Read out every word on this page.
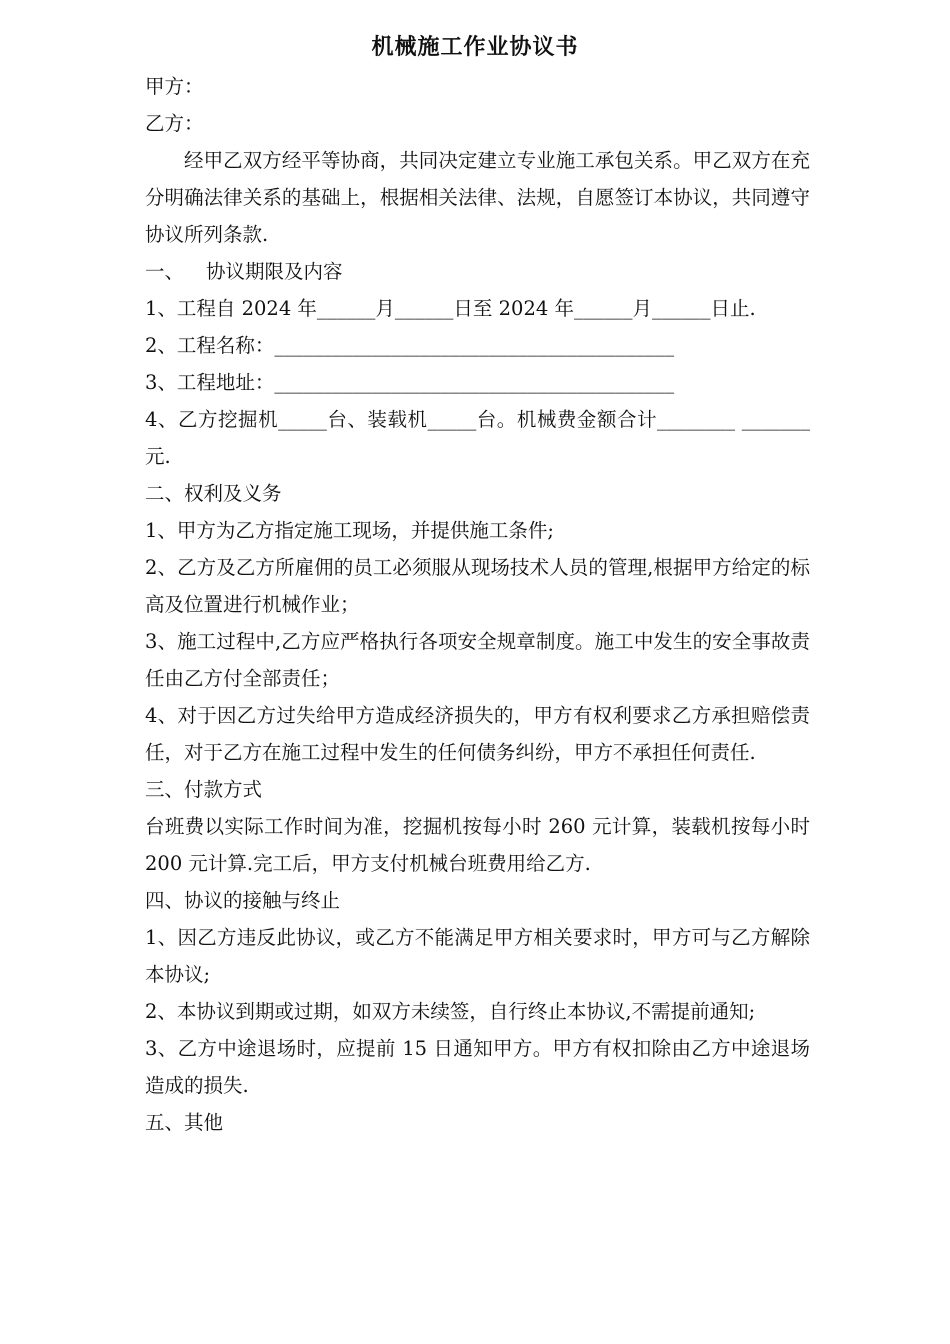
机械施工作业协议书

甲方：

乙方：

经甲乙双方经平等协商，共同决定建立专业施工承包关系。甲乙双方在充分明确法律关系的基础上，根据相关法律、法规，自愿签订本协议，共同遵守协议所列条款.

一、 协议期限及内容

1、工程自 2024 年______月______日至 2024 年______月______日止.

2、工程名称：_________________________________________

3、工程地址：_________________________________________

4、乙方挖掘机_____台、装载机_____台。机械费金额合计________ _______元.

二、权利及义务

1、甲方为乙方指定施工现场，并提供施工条件;

2、乙方及乙方所雇佣的员工必须服从现场技术人员的管理,根据甲方给定的标高及位置进行机械作业；

3、施工过程中,乙方应严格执行各项安全规章制度。施工中发生的安全事故责任由乙方付全部责任；

4、对于因乙方过失给甲方造成经济损失的，甲方有权利要求乙方承担赔偿责任，对于乙方在施工过程中发生的任何债务纠纷，甲方不承担任何责任.

三、付款方式

台班费以实际工作时间为准，挖掘机按每小时 260 元计算，装载机按每小时 200 元计算.完工后，甲方支付机械台班费用给乙方.

四、协议的接触与终止

1、因乙方违反此协议，或乙方不能满足甲方相关要求时，甲方可与乙方解除本协议;

2、本协议到期或过期，如双方未续签，自行终止本协议,不需提前通知;

3、乙方中途退场时，应提前 15 日通知甲方。甲方有权扣除由乙方中途退场造成的损失.

五、其他
